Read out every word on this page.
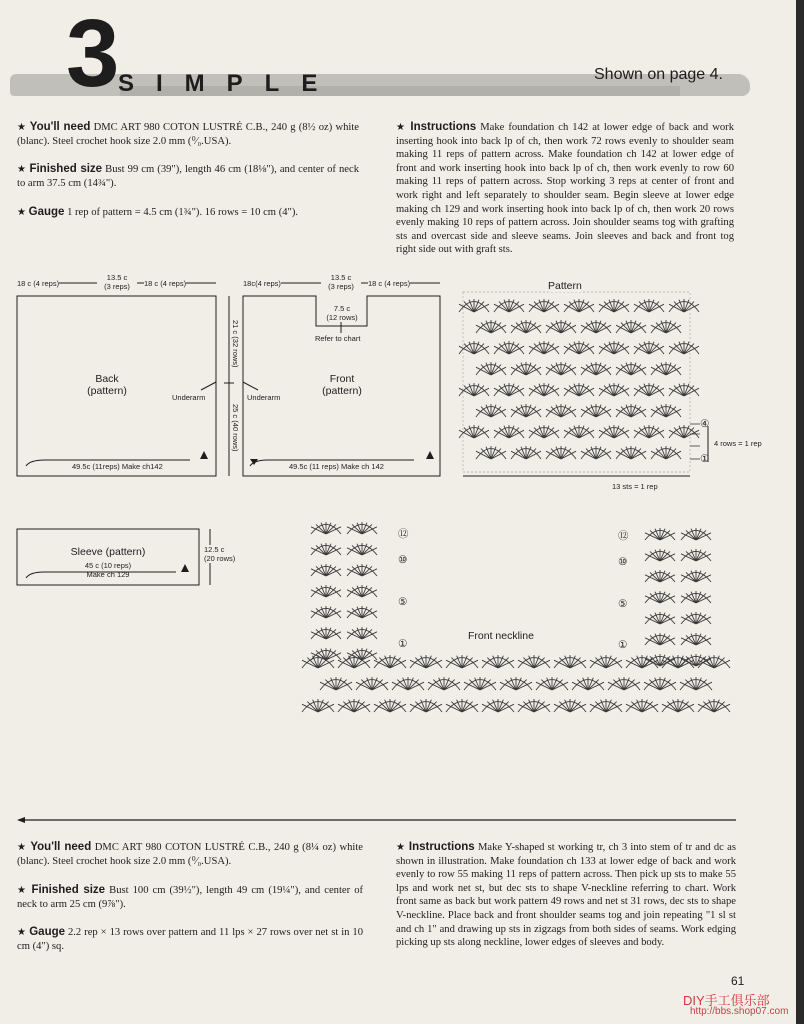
3 SIMPLE	Shown on page 4.
★ You'll need DMC ART 980 COTON LUSTRÉ C.B., 240 g (8½ oz) white (blanc). Steel crochet hook size 2.0 mm (⁰⁄₀.USA).
★ Finished size Bust 99 cm (39"), length 46 cm (18⅛"), and center of neck to arm 37.5 cm (14¾").
★ Gauge 1 rep of pattern = 4.5 cm (1¾"). 16 rows = 10 cm (4").
★ Instructions Make foundation ch 142 at lower edge of back and work inserting hook into back lp of ch, then work 72 rows evenly to shoulder seam making 11 reps of pattern across. Make foundation ch 142 at lower edge of front and work inserting hook into back lp of ch, then work evenly to row 60 making 11 reps of pattern across. Stop working 3 reps at center of front and work right and left separately to shoulder seam. Begin sleeve at lower edge making ch 129 and work inserting hook into back lp of ch, then work 20 rows evenly making 10 reps of pattern across. Join shoulder seams tog with grafting sts and overcast side and sleeve seams. Join sleeves and back and front tog right side out with graft sts.
18 c (4 reps)
13.5 c
(3 reps)	18 c (4 reps)	18c(4 reps)
13.5 c
(3 reps)	18 c (4 reps)
7.5 c
(12 rows)
Refer to chart
21 c (32 rows)
25 c (40 rows)
Back
(pattern)
Front
(pattern)
Underarm	Underarm
49.5c (11reps) Make ch142	49.5c (11 reps) Make ch 142
Sleeve (pattern)
45 c (10 reps)
Make ch 129
12.5 c
(20 rows)
Pattern
4 rows = 1 rep
13 sts = 1 rep
④
①
Front neckline
⑫
⑩
⑤
①
⑫
⑩
⑤
①
★ You'll need DMC ART 980 COTON LUSTRÉ C.B., 240 g (8¼ oz) white (blanc). Steel crochet hook size 2.0 mm (⁰⁄₀.USA).
★ Finished size Bust 100 cm (39½"), length 49 cm (19¼"), and center of neck to arm 25 cm (9⅞").
★ Gauge 2.2 rep × 13 rows over pattern and 11 lps × 27 rows over net st in 10 cm (4") sq.
★ Instructions Make Y-shaped st working tr, ch 3 into stem of tr and dc as shown in illustration. Make foundation ch 133 at lower edge of back and work evenly to row 55 making 11 reps of pattern across. Then pick up sts to make 55 lps and work net st, but dec sts to shape V-neckline referring to chart. Work front same as back but work pattern 49 rows and net st 31 rows, dec sts to shape V-neckline. Place back and front shoulder seams tog and join repeating "1 sl st and ch 1" and drawing up sts in zigzags from both sides of seams. Work edging picking up sts along neckline, lower edges of sleeves and body.
61
DIY手工俱乐部
http://bbs.shop07.com
